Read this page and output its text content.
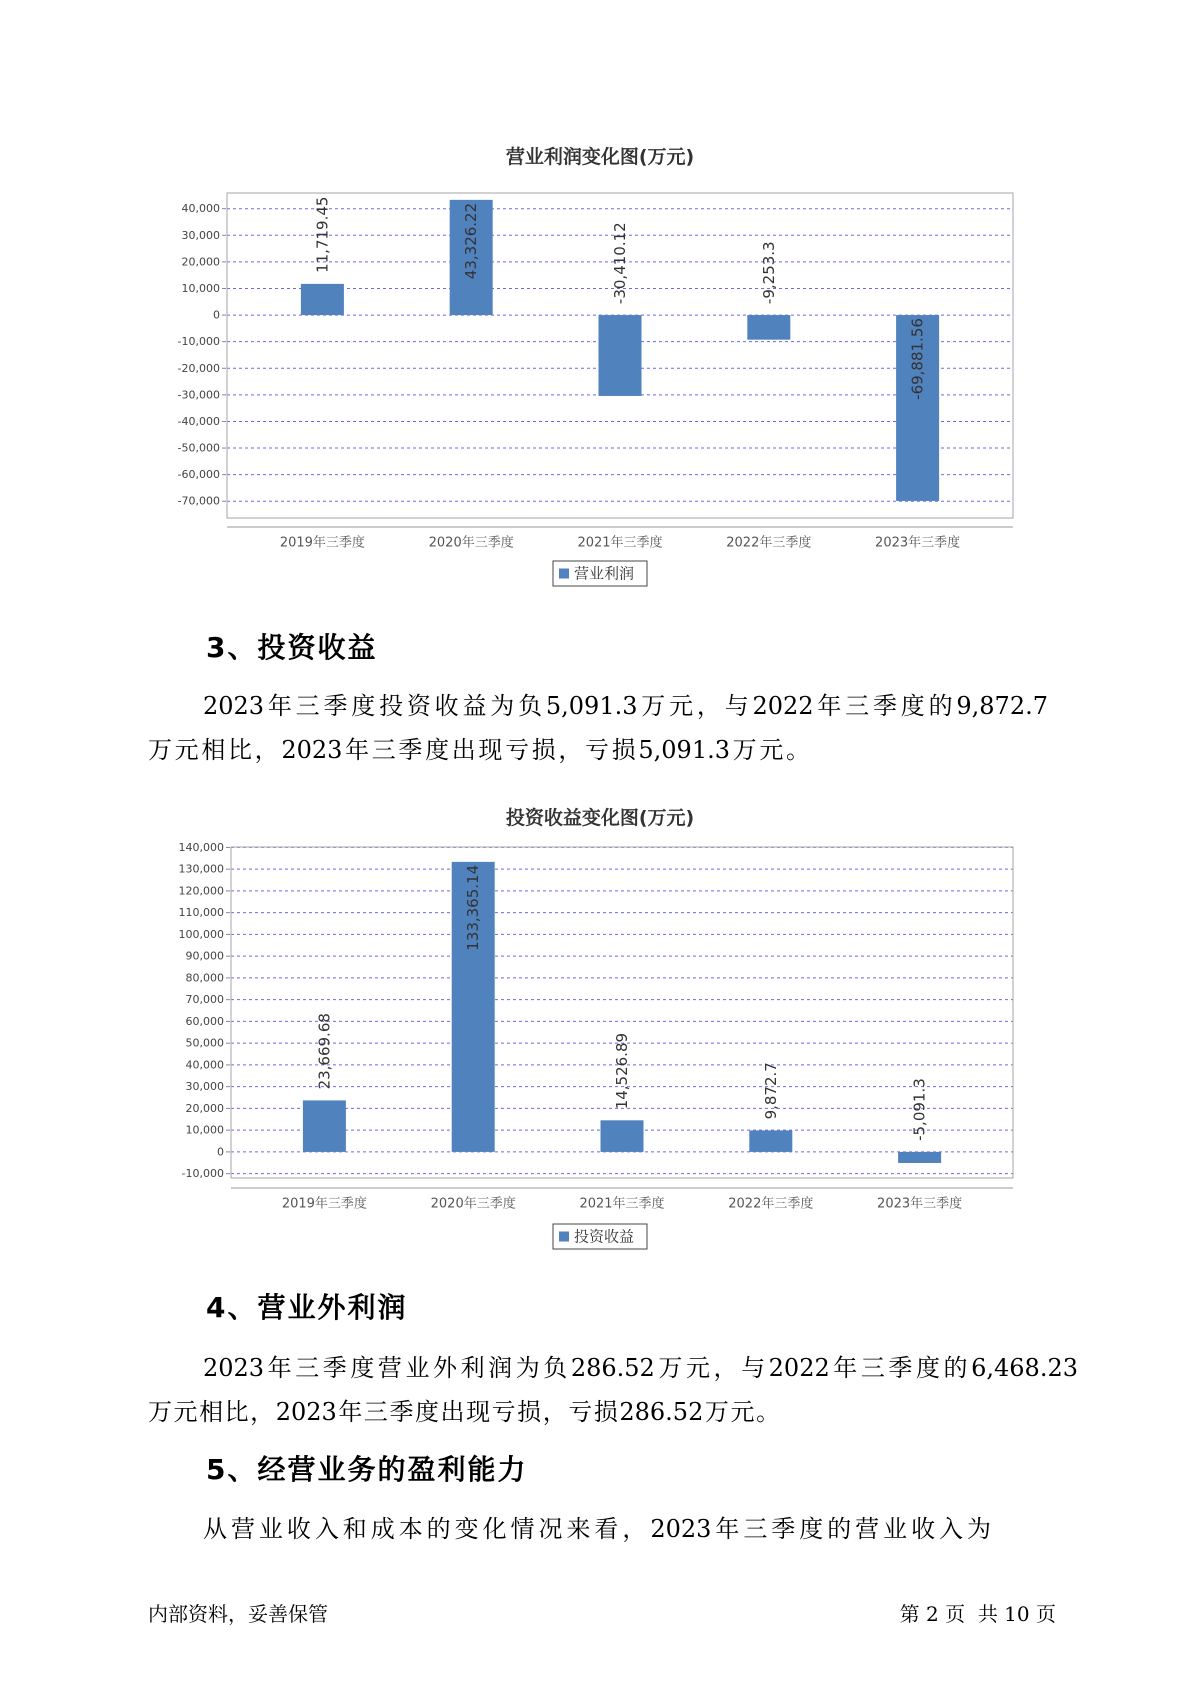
营业利润变化图(万元)
40,000
30,000
20,000
10,000
0
-10,000
-20,000
-30,000
-40,000
-50,000
-60,000
-70,000
11,719.45
2019年三季度
43,326.22
2020年三季度
-30,410.12
2021年三季度
-9,253.3
2022年三季度
-69,881.56
2023年三季度
营业利润
3、投资收益
2023年三季度投资收益为负5,091.3万元，与2022年三季度的9,872.7
万元相比，2023年三季度出现亏损，亏损5,091.3万元。
投资收益变化图(万元)
140,000
130,000
120,000
110,000
100,000
90,000
80,000
70,000
60,000
50,000
40,000
30,000
20,000
10,000
0
-10,000
23,669.68
2019年三季度
133,365.14
2020年三季度
14,526.89
2021年三季度
9,872.7
2022年三季度
-5,091.3
2023年三季度
投资收益
4、营业外利润
2023年三季度营业外利润为负286.52万元，与2022年三季度的6,468.23
万元相比，2023年三季度出现亏损，亏损286.52万元。
5、经营业务的盈利能力
从营业收入和成本的变化情况来看，2023年三季度的营业收入为
内部资料，妥善保管	第 2 页  共 10 页
